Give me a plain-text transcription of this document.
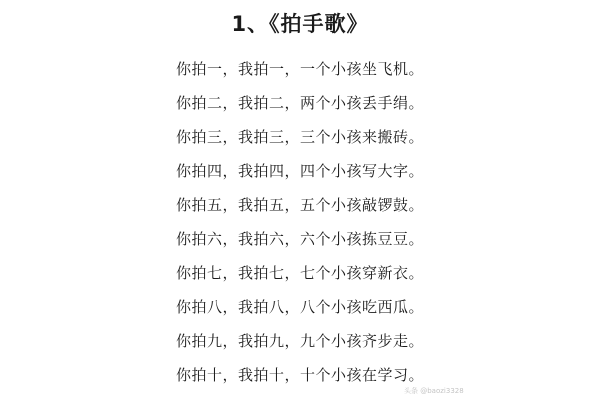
1、《拍手歌》
你拍一，我拍一，一个小孩坐飞机。
你拍二，我拍二，两个小孩丢手绢。
你拍三，我拍三，三个小孩来搬砖。
你拍四，我拍四，四个小孩写大字。
你拍五，我拍五，五个小孩敲锣鼓。
你拍六，我拍六，六个小孩拣豆豆。
你拍七，我拍七，七个小孩穿新衣。
你拍八，我拍八，八个小孩吃西瓜。
你拍九，我拍九，九个小孩齐步走。
你拍十，我拍十，十个小孩在学习。
头条 @baozi3328
